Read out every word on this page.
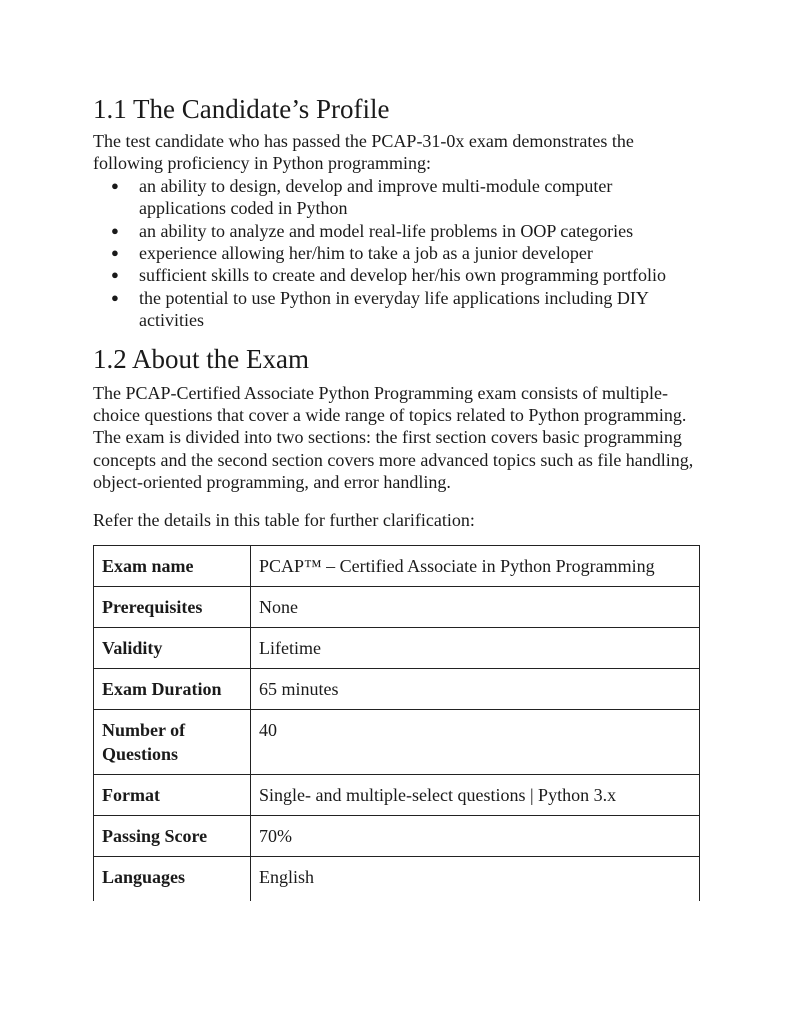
1.1 The Candidate’s Profile

The test candidate who has passed the PCAP-31-0x exam demonstrates the following proficiency in Python programming:

● an ability to design, develop and improve multi-module computer applications coded in Python
● an ability to analyze and model real-life problems in OOP categories
● experience allowing her/him to take a job as a junior developer
● sufficient skills to create and develop her/his own programming portfolio
● the potential to use Python in everyday life applications including DIY activities
1.2 About the Exam

The PCAP-Certified Associate Python Programming exam consists of multiple-choice questions that cover a wide range of topics related to Python programming. The exam is divided into two sections: the first section covers basic programming concepts and the second section covers more advanced topics such as file handling, object-oriented programming, and error handling.

Refer the details in this table for further clarification:

Exam name	PCAP™ – Certified Associate in Python Programming
Prerequisites	None
Validity	Lifetime
Exam Duration	65 minutes
Number of Questions	40
Format	Single- and multiple-select questions | Python 3.x
Passing Score	70%
Languages	English
